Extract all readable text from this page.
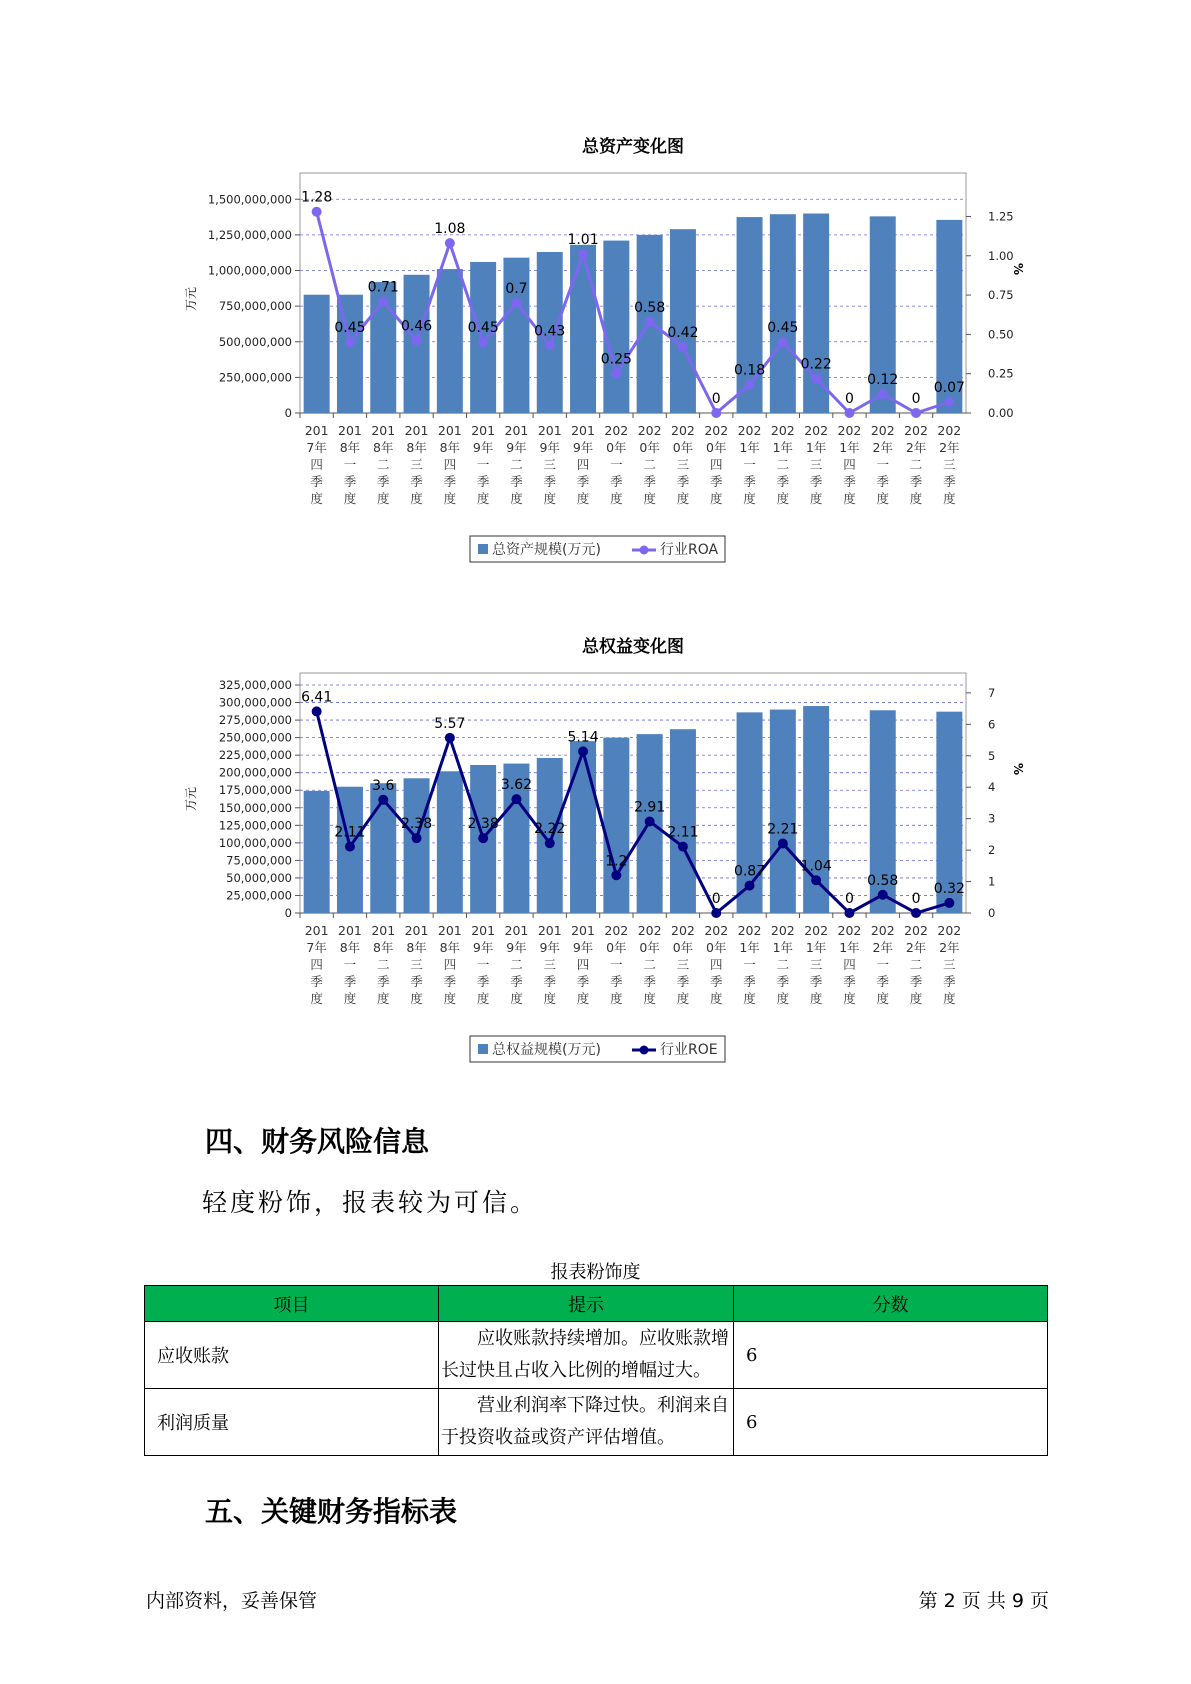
总资产变化图
0
250,000,000
500,000,000
750,000,000
1,000,000,000
1,250,000,000
1,500,000,000
0.00
0.25
0.50
0.75
1.00
1.25
万元
%
201 7年四季度
201 8年一季度
201 8年二季度
201 8年三季度
201 8年四季度
201 9年一季度
201 9年二季度
201 9年三季度
201 9年四季度
202 0年一季度
202 0年二季度
202 0年三季度
202 0年四季度
202 1年一季度
202 1年二季度
202 1年三季度
202 1年四季度
202 2年一季度
202 2年二季度
202 2年三季度
1.28
0.45
0.71
0.46
1.08
0.45
0.7
0.43
1.01
0.25
0.58
0.42
0
0.18
0.45
0.22
0
0.12
0
0.07
总资产规模(万元)	行业ROA
总权益变化图
0
25,000,000
50,000,000
75,000,000
100,000,000
125,000,000
150,000,000
175,000,000
200,000,000
225,000,000
250,000,000
275,000,000
300,000,000
325,000,000
0
1
2
3
4
5
6
7
万元
%
201 7年四季度
201 8年一季度
201 8年二季度
201 8年三季度
201 8年四季度
201 9年一季度
201 9年二季度
201 9年三季度
201 9年四季度
202 0年一季度
202 0年二季度
202 0年三季度
202 0年四季度
202 1年一季度
202 1年二季度
202 1年三季度
202 1年四季度
202 2年一季度
202 2年二季度
202 2年三季度
6.41
2.11
3.6
2.38
5.57
2.38
3.62
2.22
5.14
1.2
2.91
2.11
0
0.87
2.21
1.04
0
0.58
0
0.32
总权益规模(万元)	行业ROE
四、财务风险信息
轻度粉饰，报表较为可信。
报表粉饰度
项目	提示	分数
应收账款	应收账款持续增加。应收账款增长过快且占收入比例的增幅过大。	6
利润质量	营业利润率下降过快。利润来自于投资收益或资产评估增值。	6
五、关键财务指标表
内部资料，妥善保管	第 2 页 共 9 页
